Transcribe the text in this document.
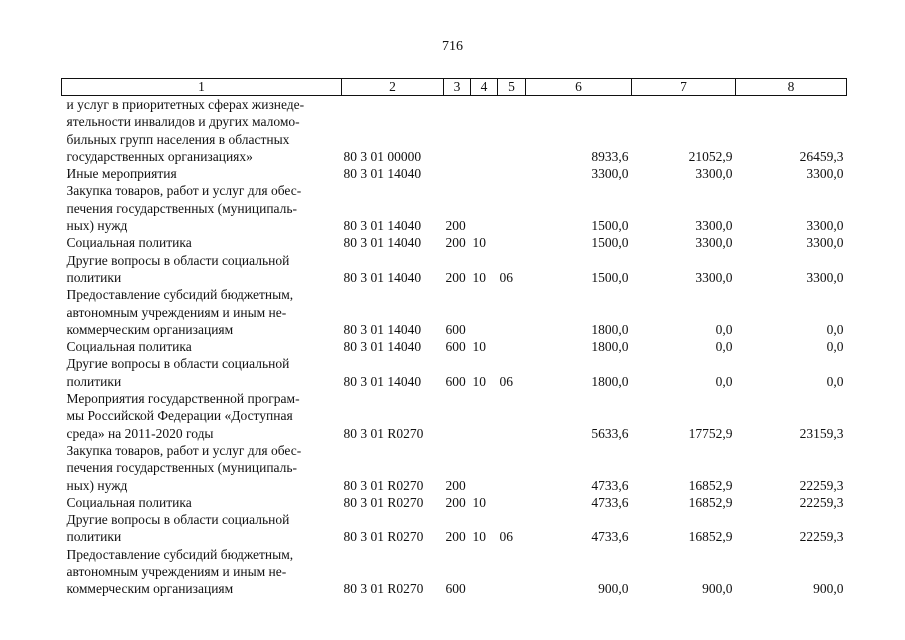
716
1	2	3	4	5	6	7	8
и услуг в приоритетных сферах жизнеде-
ятельности инвалидов и других маломо-
бильных групп населения в областных
государственных организациях»	80 3 01 00000				8933,6	21052,9	26459,3
Иные мероприятия	80 3 01 14040				3300,0	3300,0	3300,0
Закупка товаров, работ и услуг для обес-
печения государственных (муниципаль-
ных) нужд	80 3 01 14040	200			1500,0	3300,0	3300,0
Социальная политика	80 3 01 14040	200	10		1500,0	3300,0	3300,0
Другие вопросы в области социальной
политики	80 3 01 14040	200	10	06	1500,0	3300,0	3300,0
Предоставление субсидий бюджетным,
автономным учреждениям и иным не-
коммерческим организациям	80 3 01 14040	600			1800,0	0,0	0,0
Социальная политика	80 3 01 14040	600	10		1800,0	0,0	0,0
Другие вопросы в области социальной
политики	80 3 01 14040	600	10	06	1800,0	0,0	0,0
Мероприятия государственной програм-
мы Российской Федерации «Доступная
среда» на 2011-2020 годы	80 3 01 R0270				5633,6	17752,9	23159,3
Закупка товаров, работ и услуг для обес-
печения государственных (муниципаль-
ных) нужд	80 3 01 R0270	200			4733,6	16852,9	22259,3
Социальная политика	80 3 01 R0270	200	10		4733,6	16852,9	22259,3
Другие вопросы в области социальной
политики	80 3 01 R0270	200	10	06	4733,6	16852,9	22259,3
Предоставление субсидий бюджетным,
автономным учреждениям и иным не-
коммерческим организациям	80 3 01 R0270	600			900,0	900,0	900,0
